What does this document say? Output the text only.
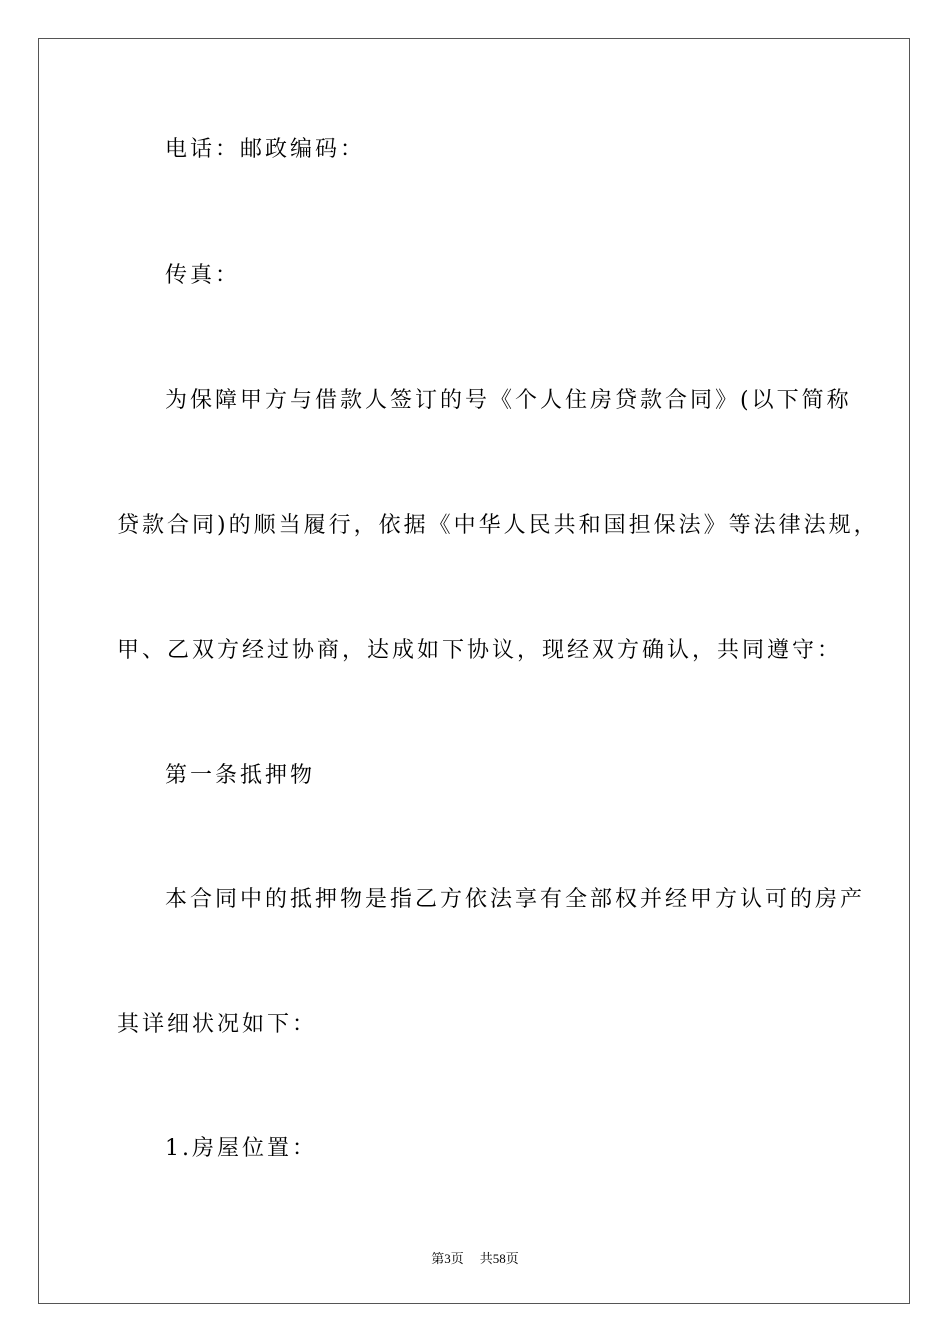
电话：邮政编码：
传真：
为保障甲方与借款人签订的号《个人住房贷款合同》(以下简称
贷款合同)的顺当履行，依据《中华人民共和国担保法》等法律法规，
甲、乙双方经过协商，达成如下协议，现经双方确认，共同遵守：
第一条抵押物
本合同中的抵押物是指乙方依法享有全部权并经甲方认可的房产
其详细状况如下：
1.房屋位置：
第3页 共58页
